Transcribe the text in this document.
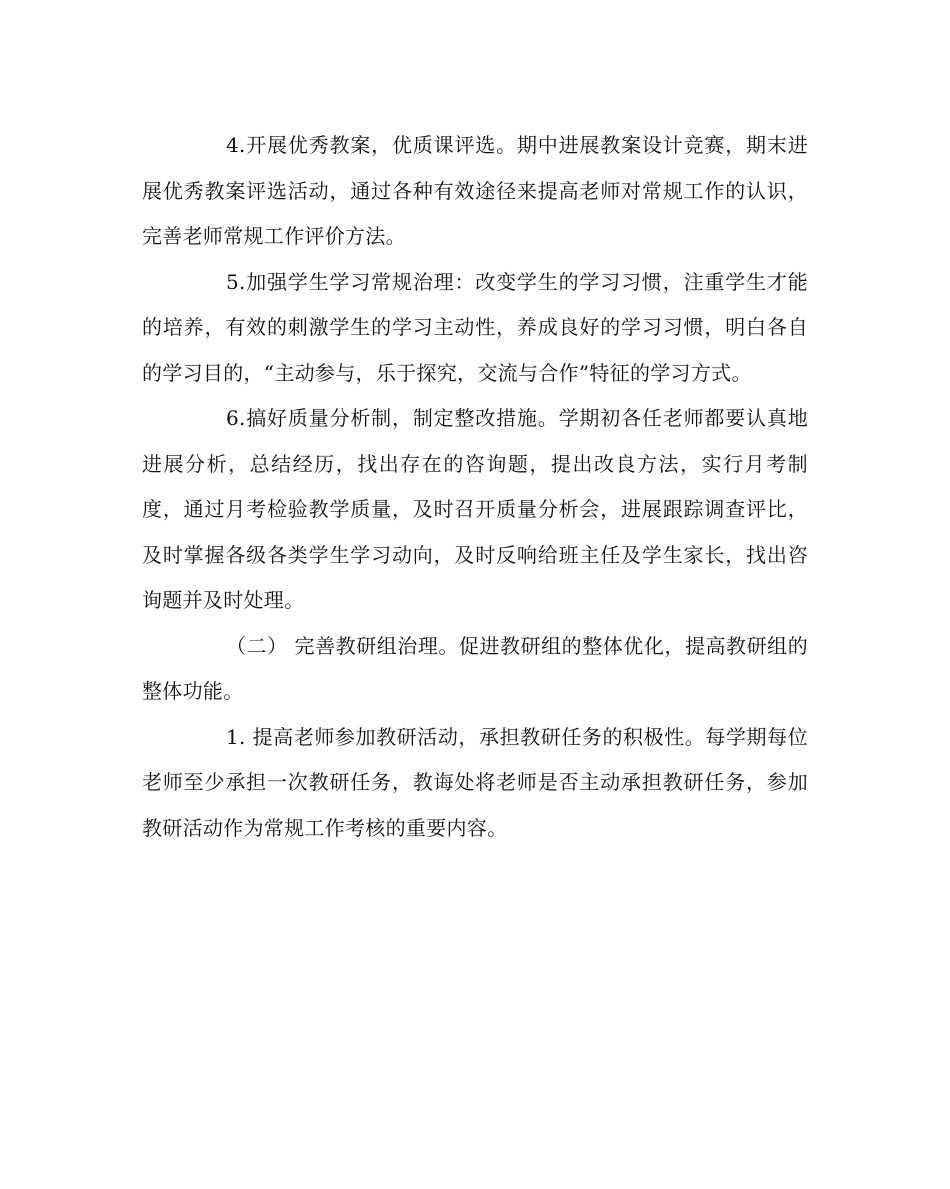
4.开展优秀教案，优质课评选。期中进展教案设计竞赛，期末进展优秀教案评选活动，通过各种有效途径来提高老师对常规工作的认识，完善老师常规工作评价方法。

5.加强学生学习常规治理：改变学生的学习习惯，注重学生才能的培养，有效的刺激学生的学习主动性，养成良好的学习习惯，明白各自的学习目的，“主动参与，乐于探究，交流与合作”特征的学习方式。

6.搞好质量分析制，制定整改措施。学期初各任老师都要认真地进展分析，总结经历，找出存在的咨询题，提出改良方法，实行月考制度，通过月考检验教学质量，及时召开质量分析会，进展跟踪调查评比，及时掌握各级各类学生学习动向，及时反响给班主任及学生家长，找出咨询题并及时处理。

（二） 完善教研组治理。促进教研组的整体优化，提高教研组的整体功能。

1. 提高老师参加教研活动，承担教研任务的积极性。每学期每位老师至少承担一次教研任务，教诲处将老师是否主动承担教研任务，参加教研活动作为常规工作考核的重要内容。
